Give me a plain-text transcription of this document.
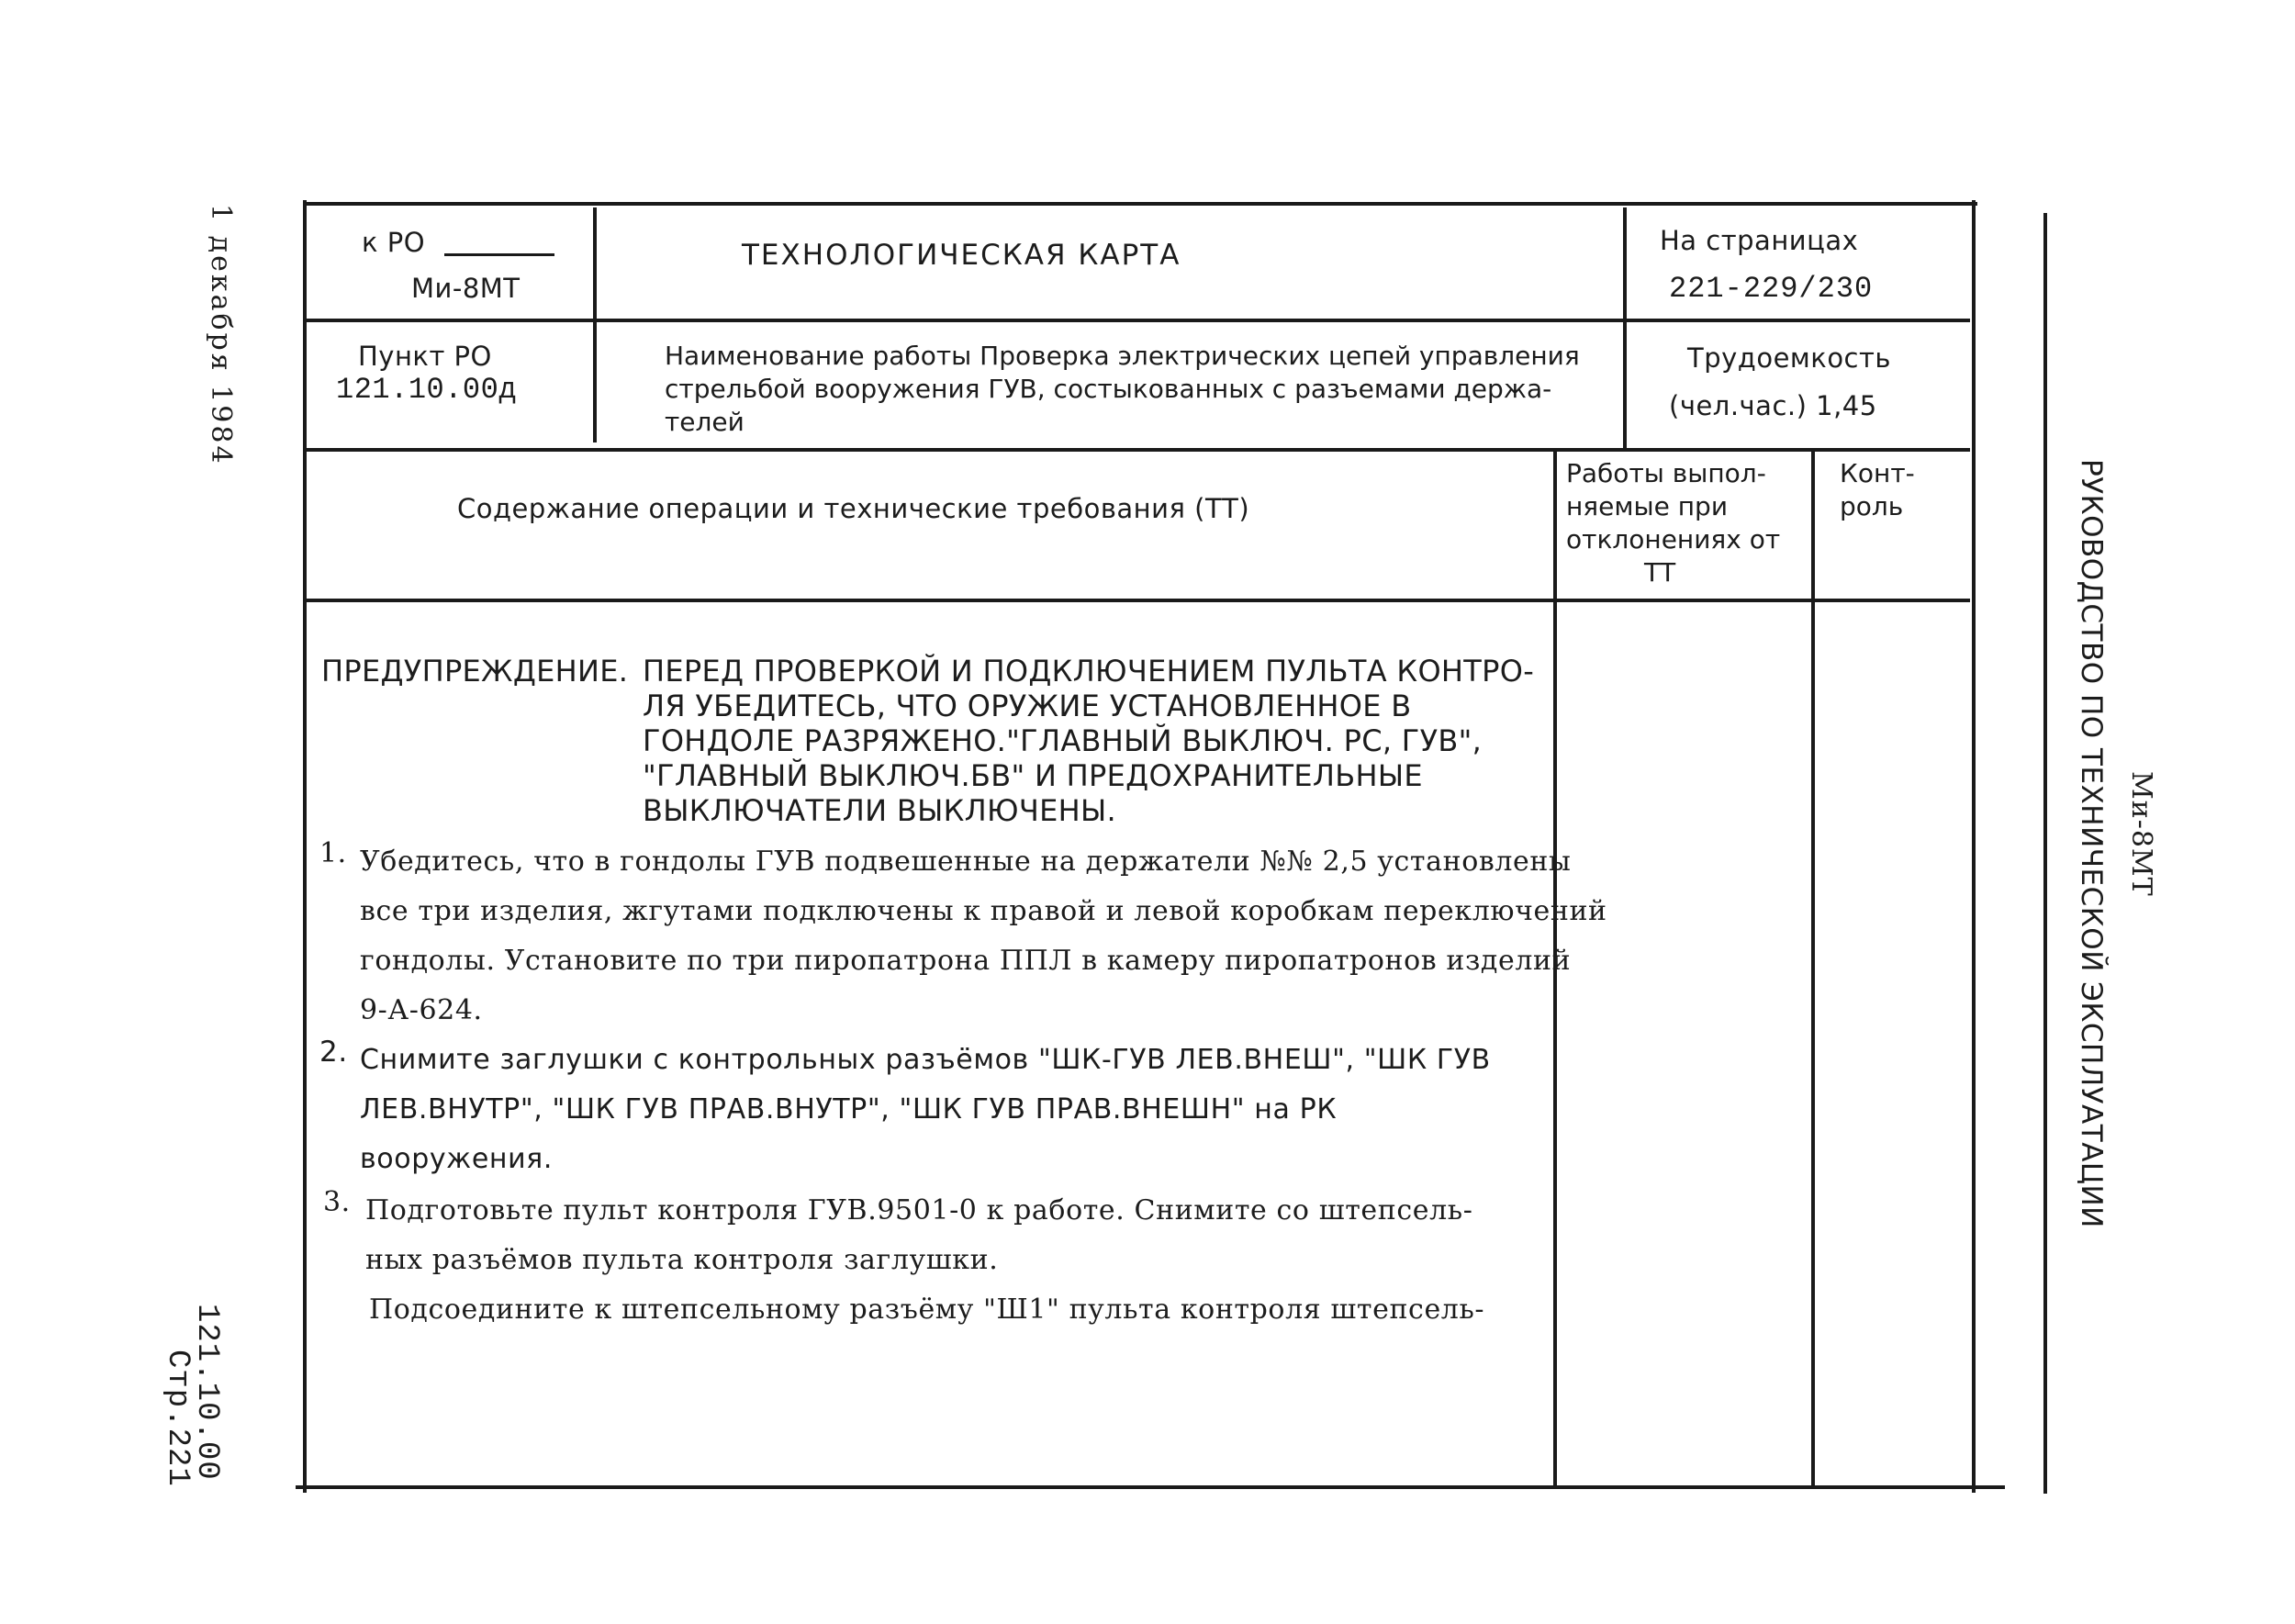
1 декабря 1984
121.10.00
Стр.221
Ми-8МТ
РУКОВОДСТВО ПО ТЕХНИЧЕСКОЙ ЭКСПЛУАТАЦИИ
к РО
Ми-8МТ
ТЕХНОЛОГИЧЕСКАЯ КАРТА	На страницах
221-229/230
Пункт РО
121.10.00д
Наименование работы Проверка электрических цепей управления
стрельбой вооружения ГУВ, состыкованных с разъемами держа-
телей
Трудоемкость
(чел.час.) 1,45
Содержание операции и технические требования (ТТ)
Работы выпол-
няемые при
отклонениях от
ТТ
Конт-
роль
ПРЕДУПРЕЖДЕНИЕ. ПЕРЕД ПРОВЕРКОЙ И ПОДКЛЮЧЕНИЕМ ПУЛЬТА КОНТРО-
ЛЯ УБЕДИТЕСЬ, ЧТО ОРУЖИЕ УСТАНОВЛЕННОЕ В
ГОНДОЛЕ РАЗРЯЖЕНО."ГЛАВНЫЙ ВЫКЛЮЧ. РС, ГУВ",
"ГЛАВНЫЙ ВЫКЛЮЧ.БВ" И ПРЕДОХРАНИТЕЛЬНЫЕ
ВЫКЛЮЧАТЕЛИ ВЫКЛЮЧЕНЫ.
1. Убедитесь, что в гондолы ГУВ подвешенные на держатели №№ 2,5 установлены
все три изделия, жгутами подключены к правой и левой коробкам переключений
гондолы. Установите по три пиропатрона ППЛ в камеру пиропатронов изделий
9-А-624.
2. Снимите заглушки с контрольных разъёмов "ШК-ГУВ ЛЕВ.ВНЕШ", "ШК ГУВ
ЛЕВ.ВНУТР", "ШК ГУВ ПРАВ.ВНУТР", "ШК ГУВ ПРАВ.ВНЕШН" на РК
вооружения.
3. Подготовьте пульт контроля ГУВ.9501-0 к работе. Снимите со штепсель-
ных разъёмов пульта контроля заглушки.
Подсоедините к штепсельному разъёму "Ш1" пульта контроля штепсель-
